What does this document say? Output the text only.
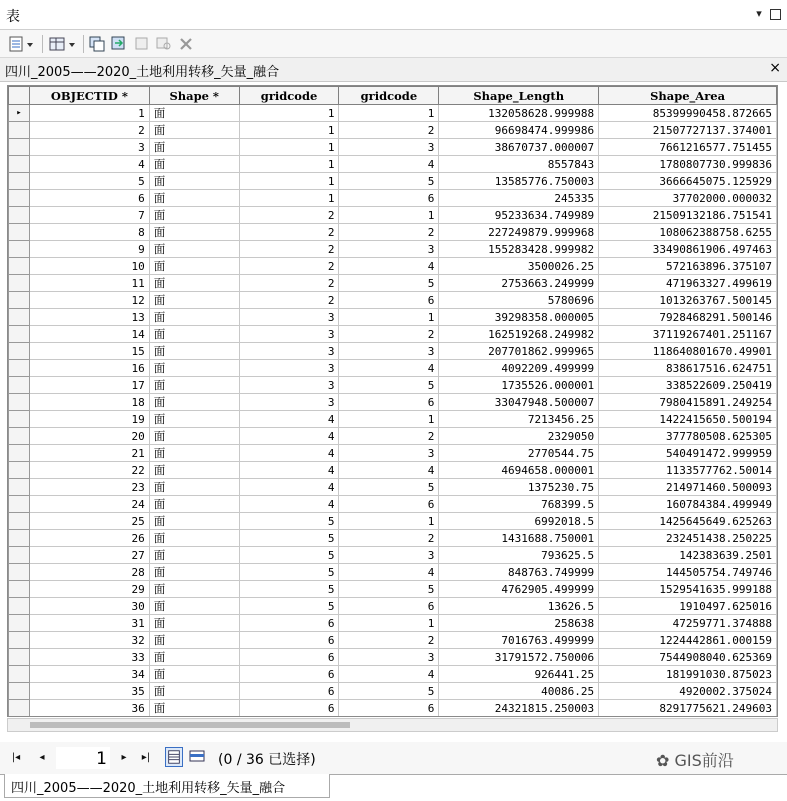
表	▾
四川_2005——2020_土地利用转移_矢量_融合	×
	OBJECTID *	Shape *	gridcode	gridcode	Shape_Length	Shape_Area
▸	1	面	1	1	132058628.999988	85399990458.872665
	2	面	1	2	96698474.999986	21507727137.374001
	3	面	1	3	38670737.000007	7661216577.751455
	4	面	1	4	8557843	1780807730.999836
	5	面	1	5	13585776.750003	3666645075.125929
	6	面	1	6	245335	37702000.000032
	7	面	2	1	95233634.749989	21509132186.751541
	8	面	2	2	227249879.999968	108062388758.6255
	9	面	2	3	155283428.999982	33490861906.497463
	10	面	2	4	3500026.25	572163896.375107
	11	面	2	5	2753663.249999	471963327.499619
	12	面	2	6	5780696	1013263767.500145
	13	面	3	1	39298358.000005	7928468291.500146
	14	面	3	2	162519268.249982	37119267401.251167
	15	面	3	3	207701862.999965	118640801670.49901
	16	面	3	4	4092209.499999	838617516.624751
	17	面	3	5	1735526.000001	338522609.250419
	18	面	3	6	33047948.500007	7980415891.249254
	19	面	4	1	7213456.25	1422415650.500194
	20	面	4	2	2329050	377780508.625305
	21	面	4	3	2770544.75	540491472.999959
	22	面	4	4	4694658.000001	1133577762.50014
	23	面	4	5	1375230.75	214971460.500093
	24	面	4	6	768399.5	160784384.499949
	25	面	5	1	6992018.5	1425645649.625263
	26	面	5	2	1431688.750001	232451438.250225
	27	面	5	3	793625.5	142383639.2501
	28	面	5	4	848763.749999	144505754.749746
	29	面	5	5	4762905.499999	1529541635.999188
	30	面	5	6	13626.5	1910497.625016
	31	面	6	1	258638	47259771.374888
	32	面	6	2	7016763.499999	1224442861.000159
	33	面	6	3	31791572.750006	7544908040.625369
	34	面	6	4	926441.25	181991030.875023
	35	面	6	5	40086.25	4920002.375024
	36	面	6	6	24321815.250003	8291775621.249603
|◂	◂	1	▸	▸|	(0 / 36 已选择)	✿ GIS前沿
四川_2005——2020_土地利用转移_矢量_融合
